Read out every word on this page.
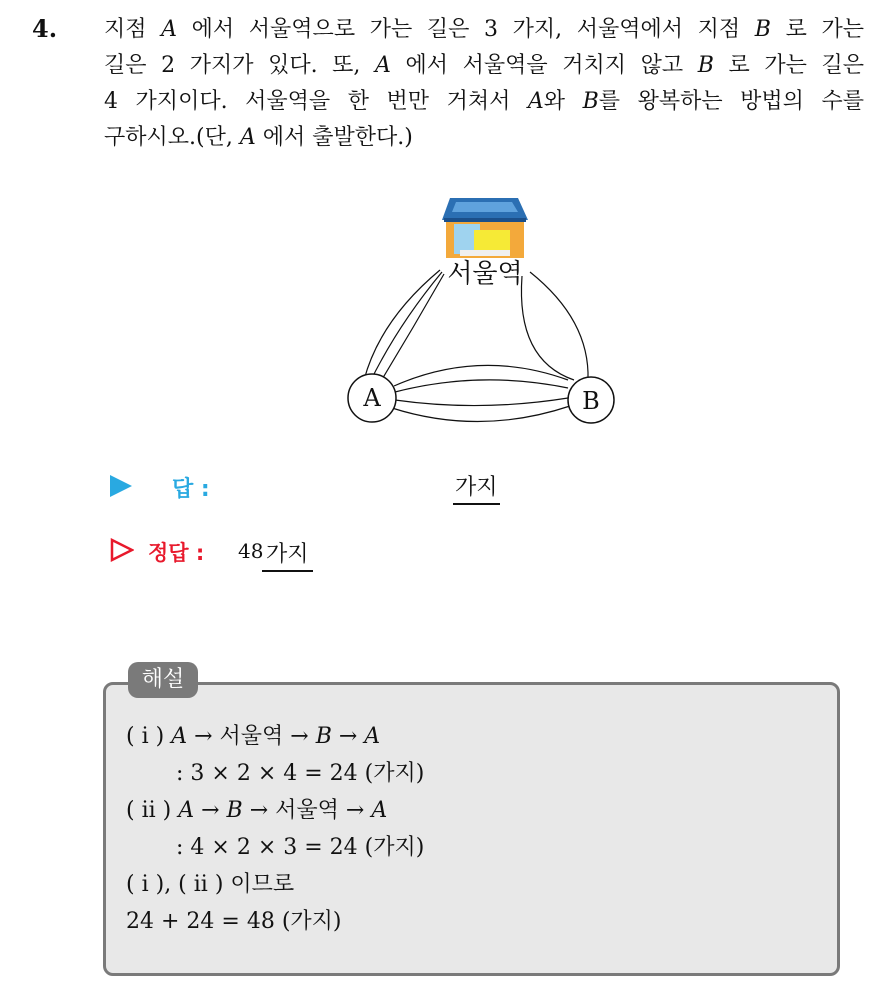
4. 지점 A 에서 서울역으로 가는 길은 3 가지, 서울역에서 지점 B 로 가는
길은 2 가지가 있다. 또, A 에서 서울역을 거치지 않고 B 로 가는 길은
4 가지이다. 서울역을 한 번만 거쳐서 A와 B를 왕복하는 방법의 수를
구하시오.(단, A 에서 출발한다.)
서울역
A	B
답 :	가지
정답 : 48 가지
해설
( i ) A → 서울역 → B → A
: 3 × 2 × 4 = 24 (가지)
( ii ) A → B → 서울역 → A
: 4 × 2 × 3 = 24 (가지)
( i ), ( ii ) 이므로
24 + 24 = 48 (가지)
